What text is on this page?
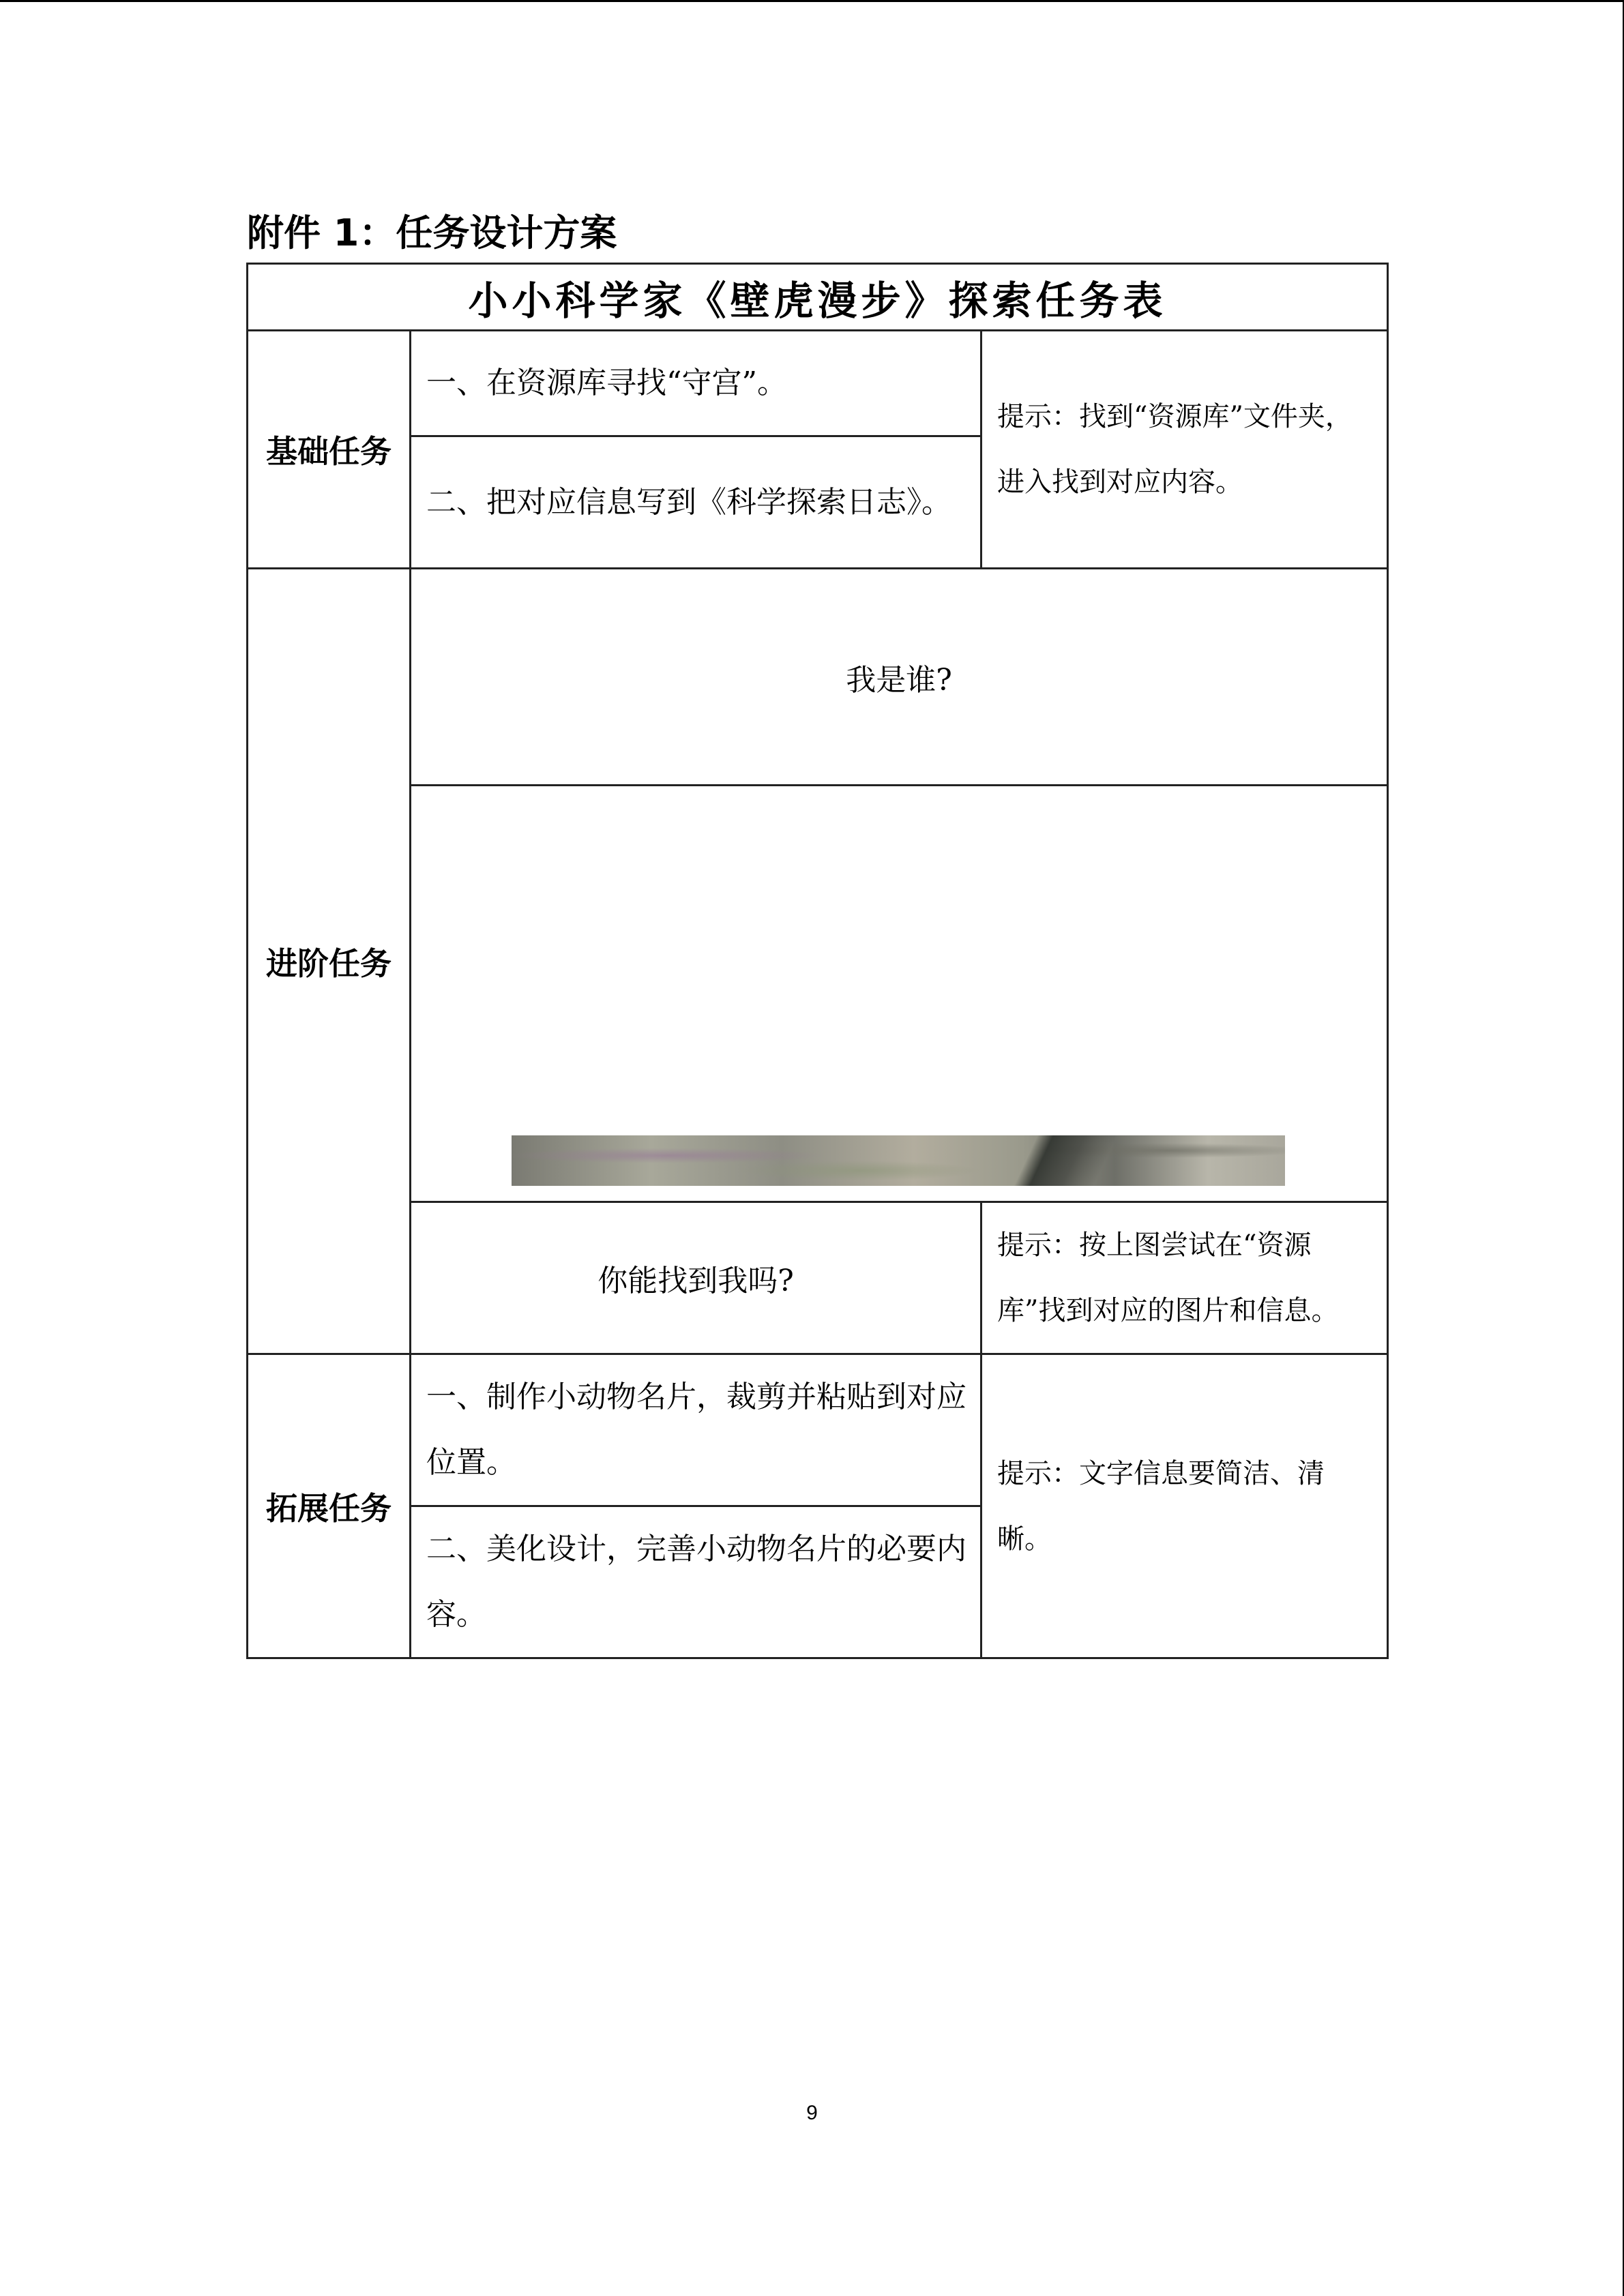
附件 1：任务设计方案
小小科学家《壁虎漫步》探索任务表		
基础任务	一、在资源库寻找“守宫”。	提示：找到“资源库”文件夹，进入找到对应内容。
	二、把对应信息写到《科学探索日志》。	
进阶任务	我是谁?	

	你能找到我吗?	提示：按上图尝试在“资源库”找到对应的图片和信息。
拓展任务	一、制作小动物名片，裁剪并粘贴到对应位置。	提示：文字信息要简洁、清晰。
	二、美化设计，完善小动物名片的必要内容。	
9
